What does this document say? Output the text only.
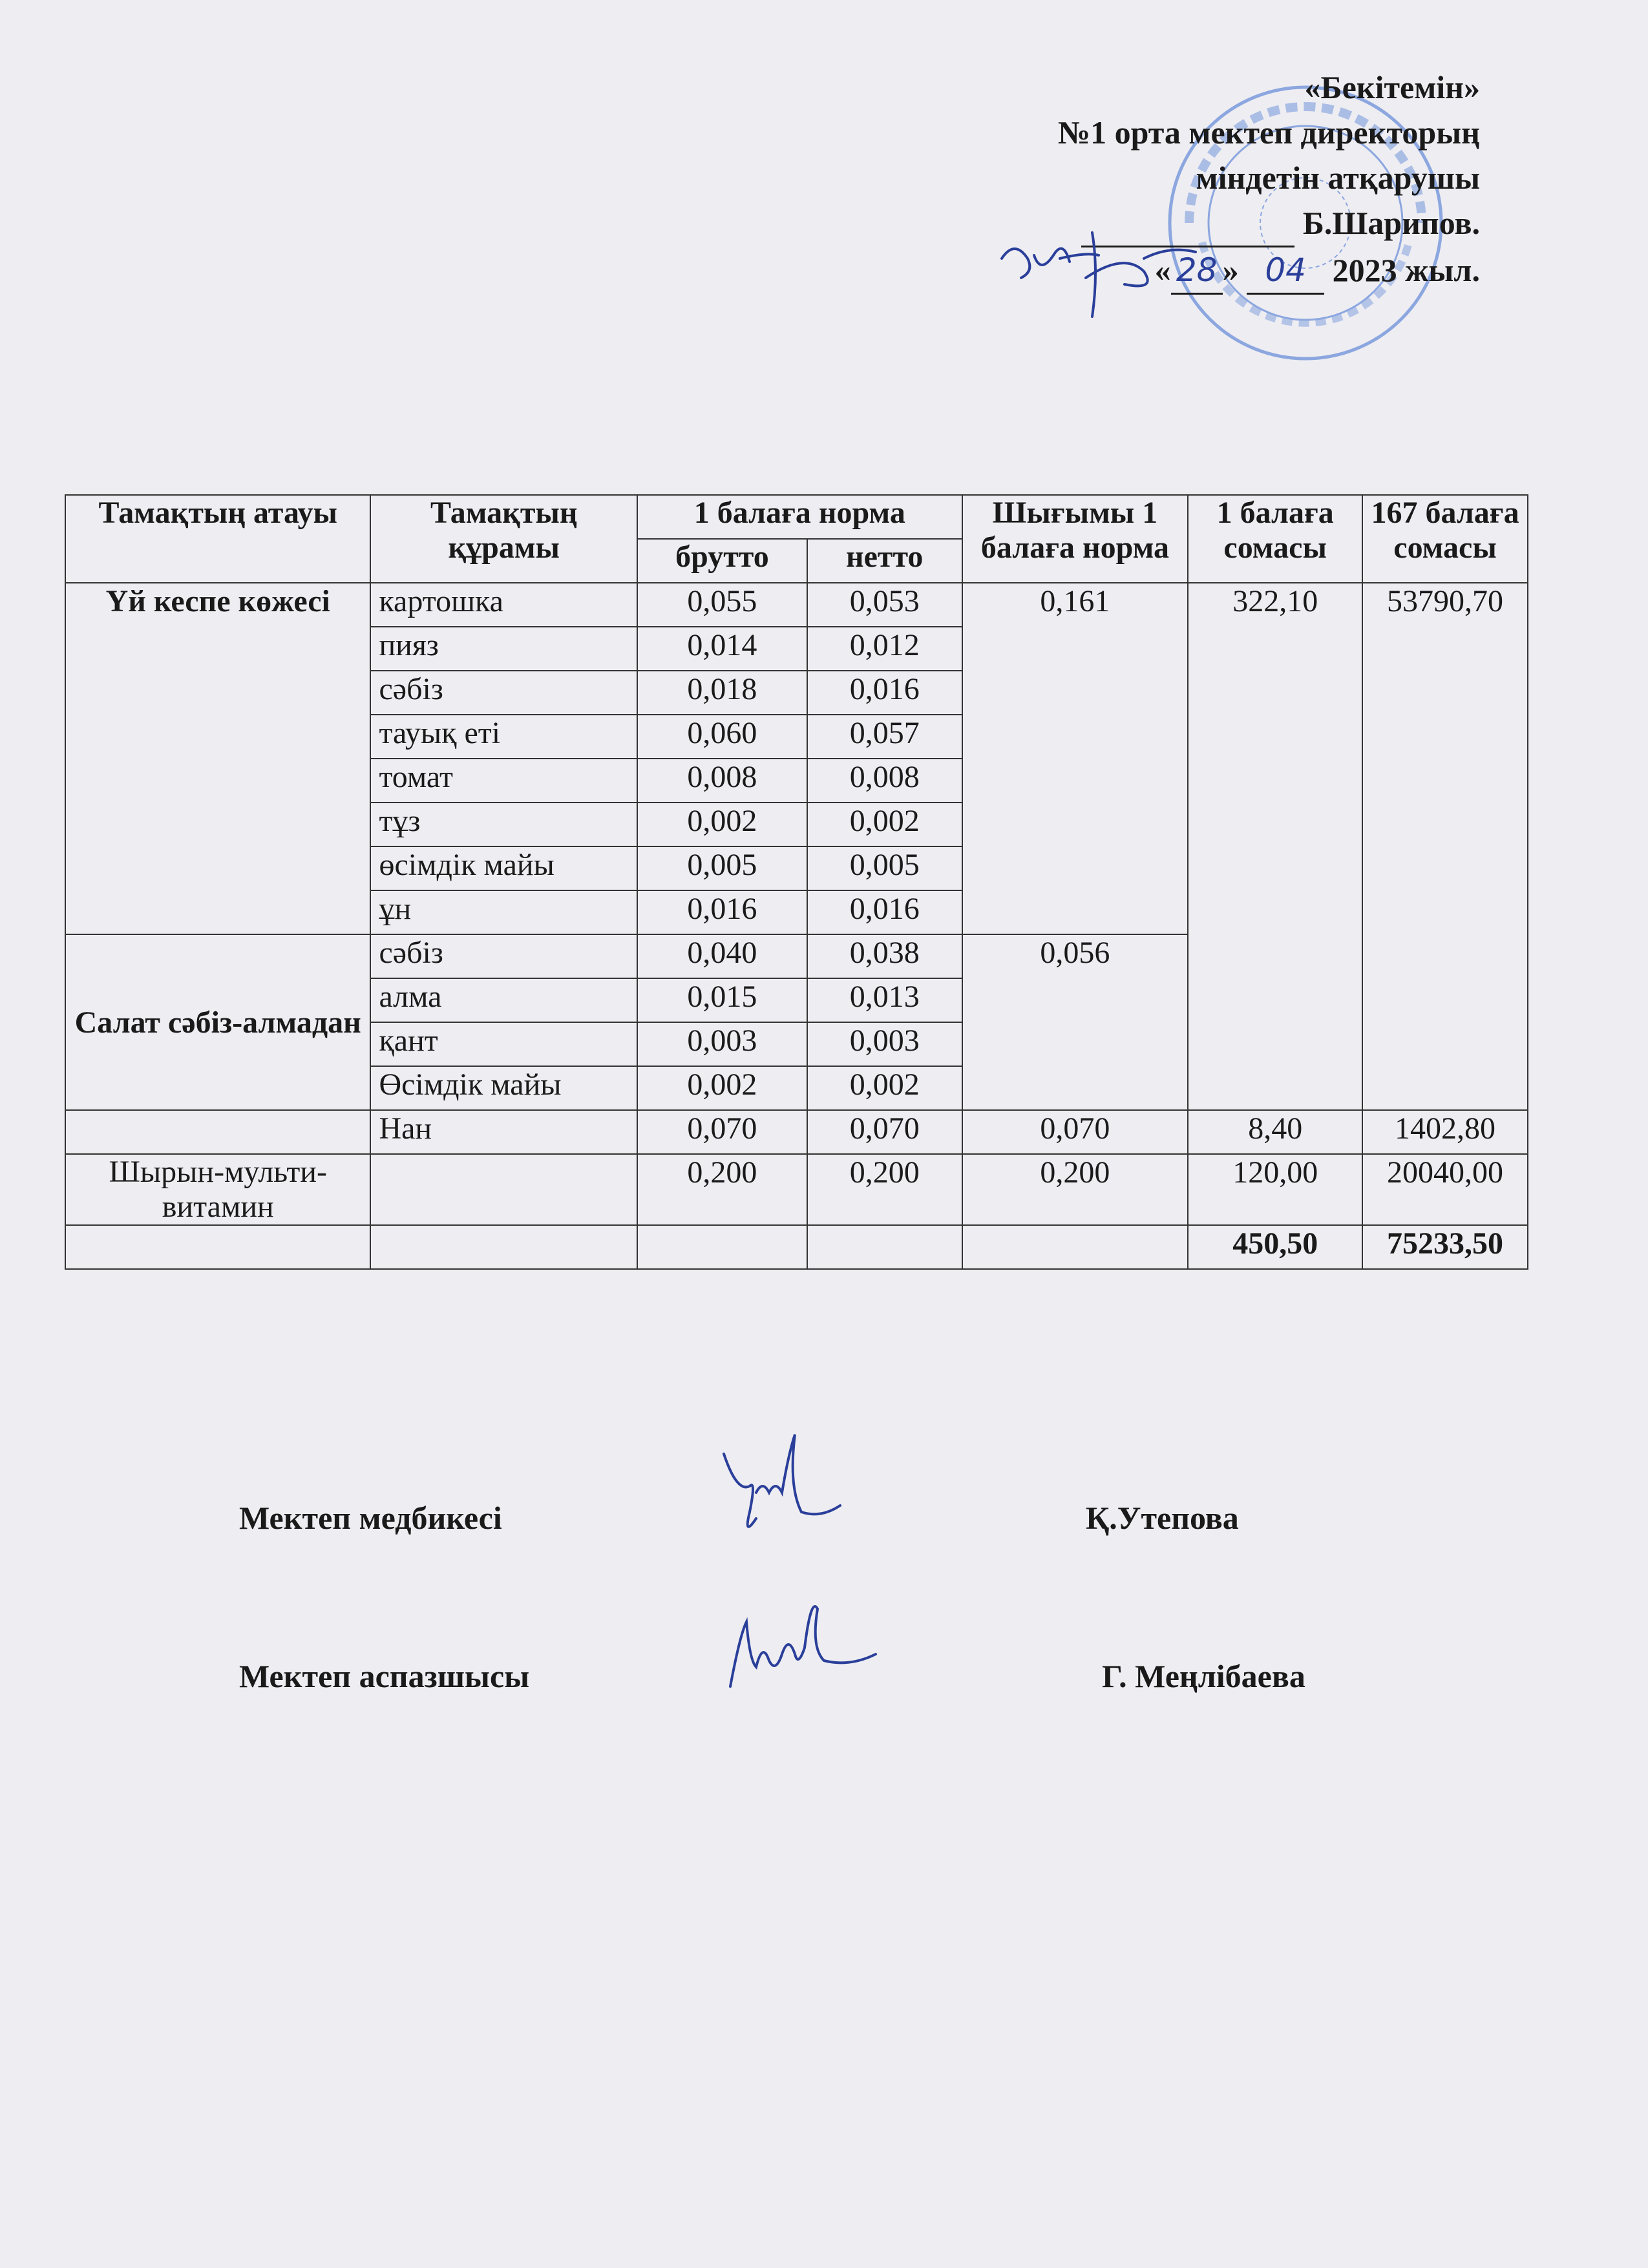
«Бекітемін»
№1 орта мектеп директорың
міндетін атқарушы
Б.Шарипов.
« 28 » 04 2023 жыл.
Тамақтың атауы	Тамақтың құрамы	1 балаға норма		Шығымы 1 балаға норма	1 балаға сомасы	167 балаға сомасы
		брутто	нетто			
Үй кеспе көжесі	картошка	0,055	0,053	0,161	322,10	53790,70
	пияз	0,014	0,012			
	сәбіз	0,018	0,016			
	тауық еті	0,060	0,057			
	томат	0,008	0,008			
	тұз	0,002	0,002			
	өсімдік майы	0,005	0,005			
	ұн	0,016	0,016			
Салат сәбіз-алмадан	сәбіз	0,040	0,038	0,056		
	алма	0,015	0,013			
	қант	0,003	0,003			
	Өсімдік майы	0,002	0,002			
	Нан	0,070	0,070	0,070	8,40	1402,80
Шырын-мульти-витамин		0,200	0,200	0,200	120,00	20040,00
					450,50	75233,50
Мектеп медбикесі	Қ.Утепова
Мектеп аспазшысы	Г. Меңлібаева
